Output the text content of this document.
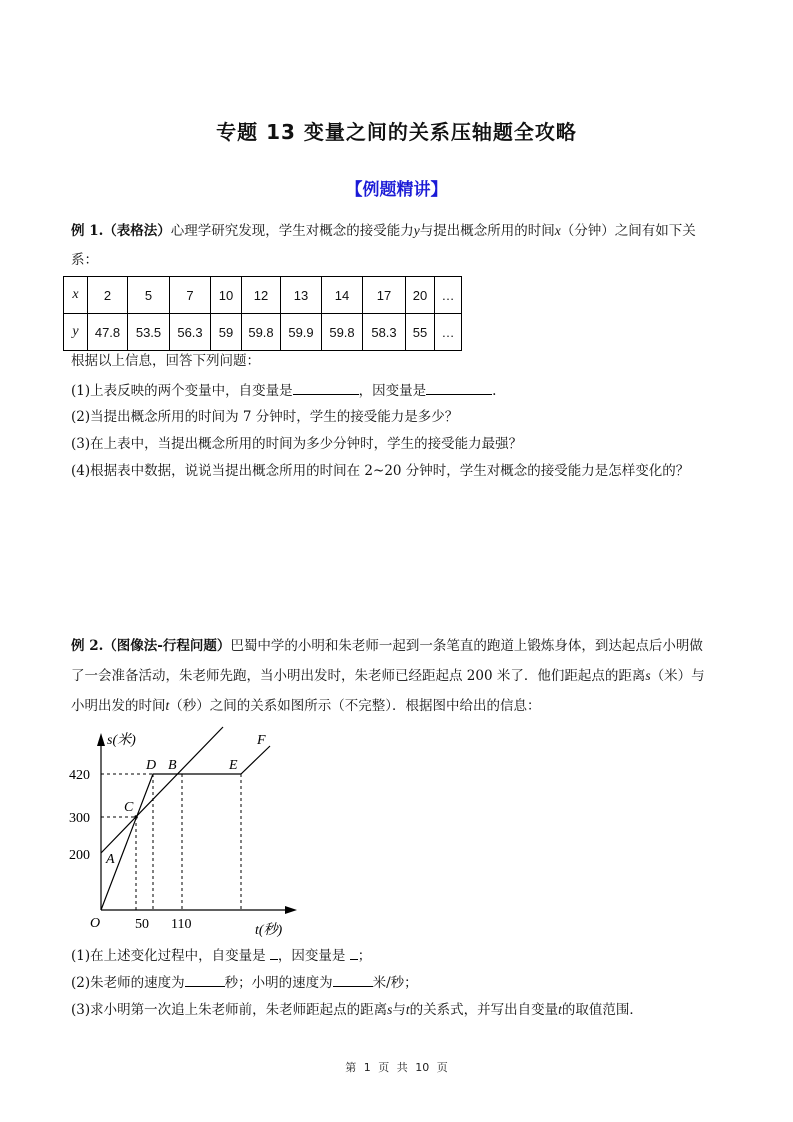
专题 13 变量之间的关系压轴题全攻略
【例题精讲】
例 1.（表格法）心理学研究发现，学生对概念的接受能力y与提出概念所用的时间x（分钟）之间有如下关
系：
x	2	5	7	10	12	13	14	17	20	…
y	47.8	53.5	56.3	59	59.8	59.9	59.8	58.3	55	…
根据以上信息，回答下列问题：
(1)上表反映的两个变量中，自变量是	，因变量是	.
(2)当提出概念所用的时间为 7 分钟时，学生的接受能力是多少？
(3)在上表中，当提出概念所用的时间为多少分钟时，学生的接受能力最强？
(4)根据表中数据，说说当提出概念所用的时间在 2~20 分钟时，学生对概念的接受能力是怎样变化的？
例 2.（图像法-行程问题）巴蜀中学的小明和朱老师一起到一条笔直的跑道上锻炼身体，到达起点后小明做
了一会准备活动，朱老师先跑，当小明出发时，朱老师已经距起点 200 米了．他们距起点的距离s（米）与
小明出发的时间t（秒）之间的关系如图所示（不完整）．根据图中给出的信息：
s(米)
t(秒)
O
420
300
200
50 110
D B	E
F
C
A
(1)在上述变化过程中，自变量是 ，因变量是 ；
(2)朱老师的速度为	秒；小明的速度为	米/秒；
(3)求小明第一次追上朱老师前，朱老师距起点的距离s与t的关系式，并写出自变量t的取值范围．
第 1 页 共 10 页
